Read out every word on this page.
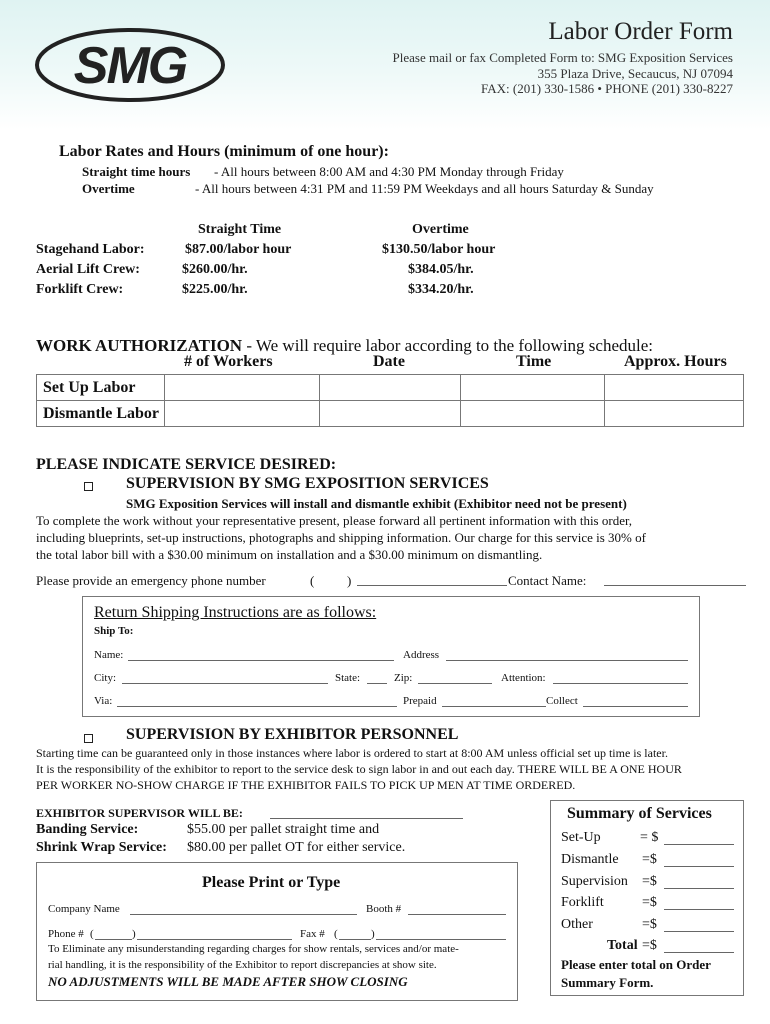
SMG
Labor Order Form
Please mail or fax Completed Form to: SMG Exposition Services
355 Plaza Drive, Secaucus, NJ 07094
FAX: (201) 330-1586 • PHONE (201) 330-8227
Labor Rates and Hours (minimum of one hour):
Straight time hours - All hours between 8:00 AM and 4:30 PM Monday through Friday
Overtime	- All hours between 4:31 PM and 11:59 PM Weekdays and all hours Saturday & Sunday
Straight Time	Overtime
Stagehand Labor:	$87.00/labor hour	$130.50/labor hour
Aerial Lift Crew:	$260.00/hr.	$384.05/hr.
Forklift Crew:	$225.00/hr.	$334.20/hr.
WORK AUTHORIZATION - We will require labor according to the following schedule:
# of Workers	Date	Time	Approx. Hours
Set Up Labor				
Dismantle Labor				
PLEASE INDICATE SERVICE DESIRED:
SUPERVISION BY SMG EXPOSITION SERVICES
SMG Exposition Services will install and dismantle exhibit (Exhibitor need not be present)
To complete the work without your representative present, please forward all pertinent information with this order,
including blueprints, set-up instructions, photographs and shipping information. Our charge for this service is 30% of
the total labor bill with a $30.00 minimum on installation and a $30.00 minimum on dismantling.
Please provide an emergency phone number	(	)	Contact Name:
Return Shipping Instructions are as follows:
Ship To:
Name:	Address
City:	State:	Zip:	Attention:
Via:	Prepaid	Collect
SUPERVISION BY EXHIBITOR PERSONNEL
Starting time can be guaranteed only in those instances where labor is ordered to start at 8:00 AM unless official set up time is later.
It is the responsibility of the exhibitor to report to the service desk to sign labor in and out each day. THERE WILL BE A ONE HOUR
PER WORKER NO-SHOW CHARGE IF THE EXHIBITOR FAILS TO PICK UP MEN AT TIME ORDERED.
EXHIBITOR SUPERVISOR WILL BE:
Banding Service:	$55.00 per pallet straight time and
Shrink Wrap Service: $80.00 per pallet OT for either service.
Please Print or Type
Company Name	Booth #
Phone # (	)	Fax # (	)
To Eliminate any misunderstanding regarding charges for show rentals, services and/or mate-
rial handling, it is the responsibility of the Exhibitor to report discrepancies at show site.
NO ADJUSTMENTS WILL BE MADE AFTER SHOW CLOSING
Summary of Services
Set-Up	= $
Dismantle =$
Supervision =$
Forklift	=$
Other	=$
Total =$
Please enter total on Order
Summary Form.
